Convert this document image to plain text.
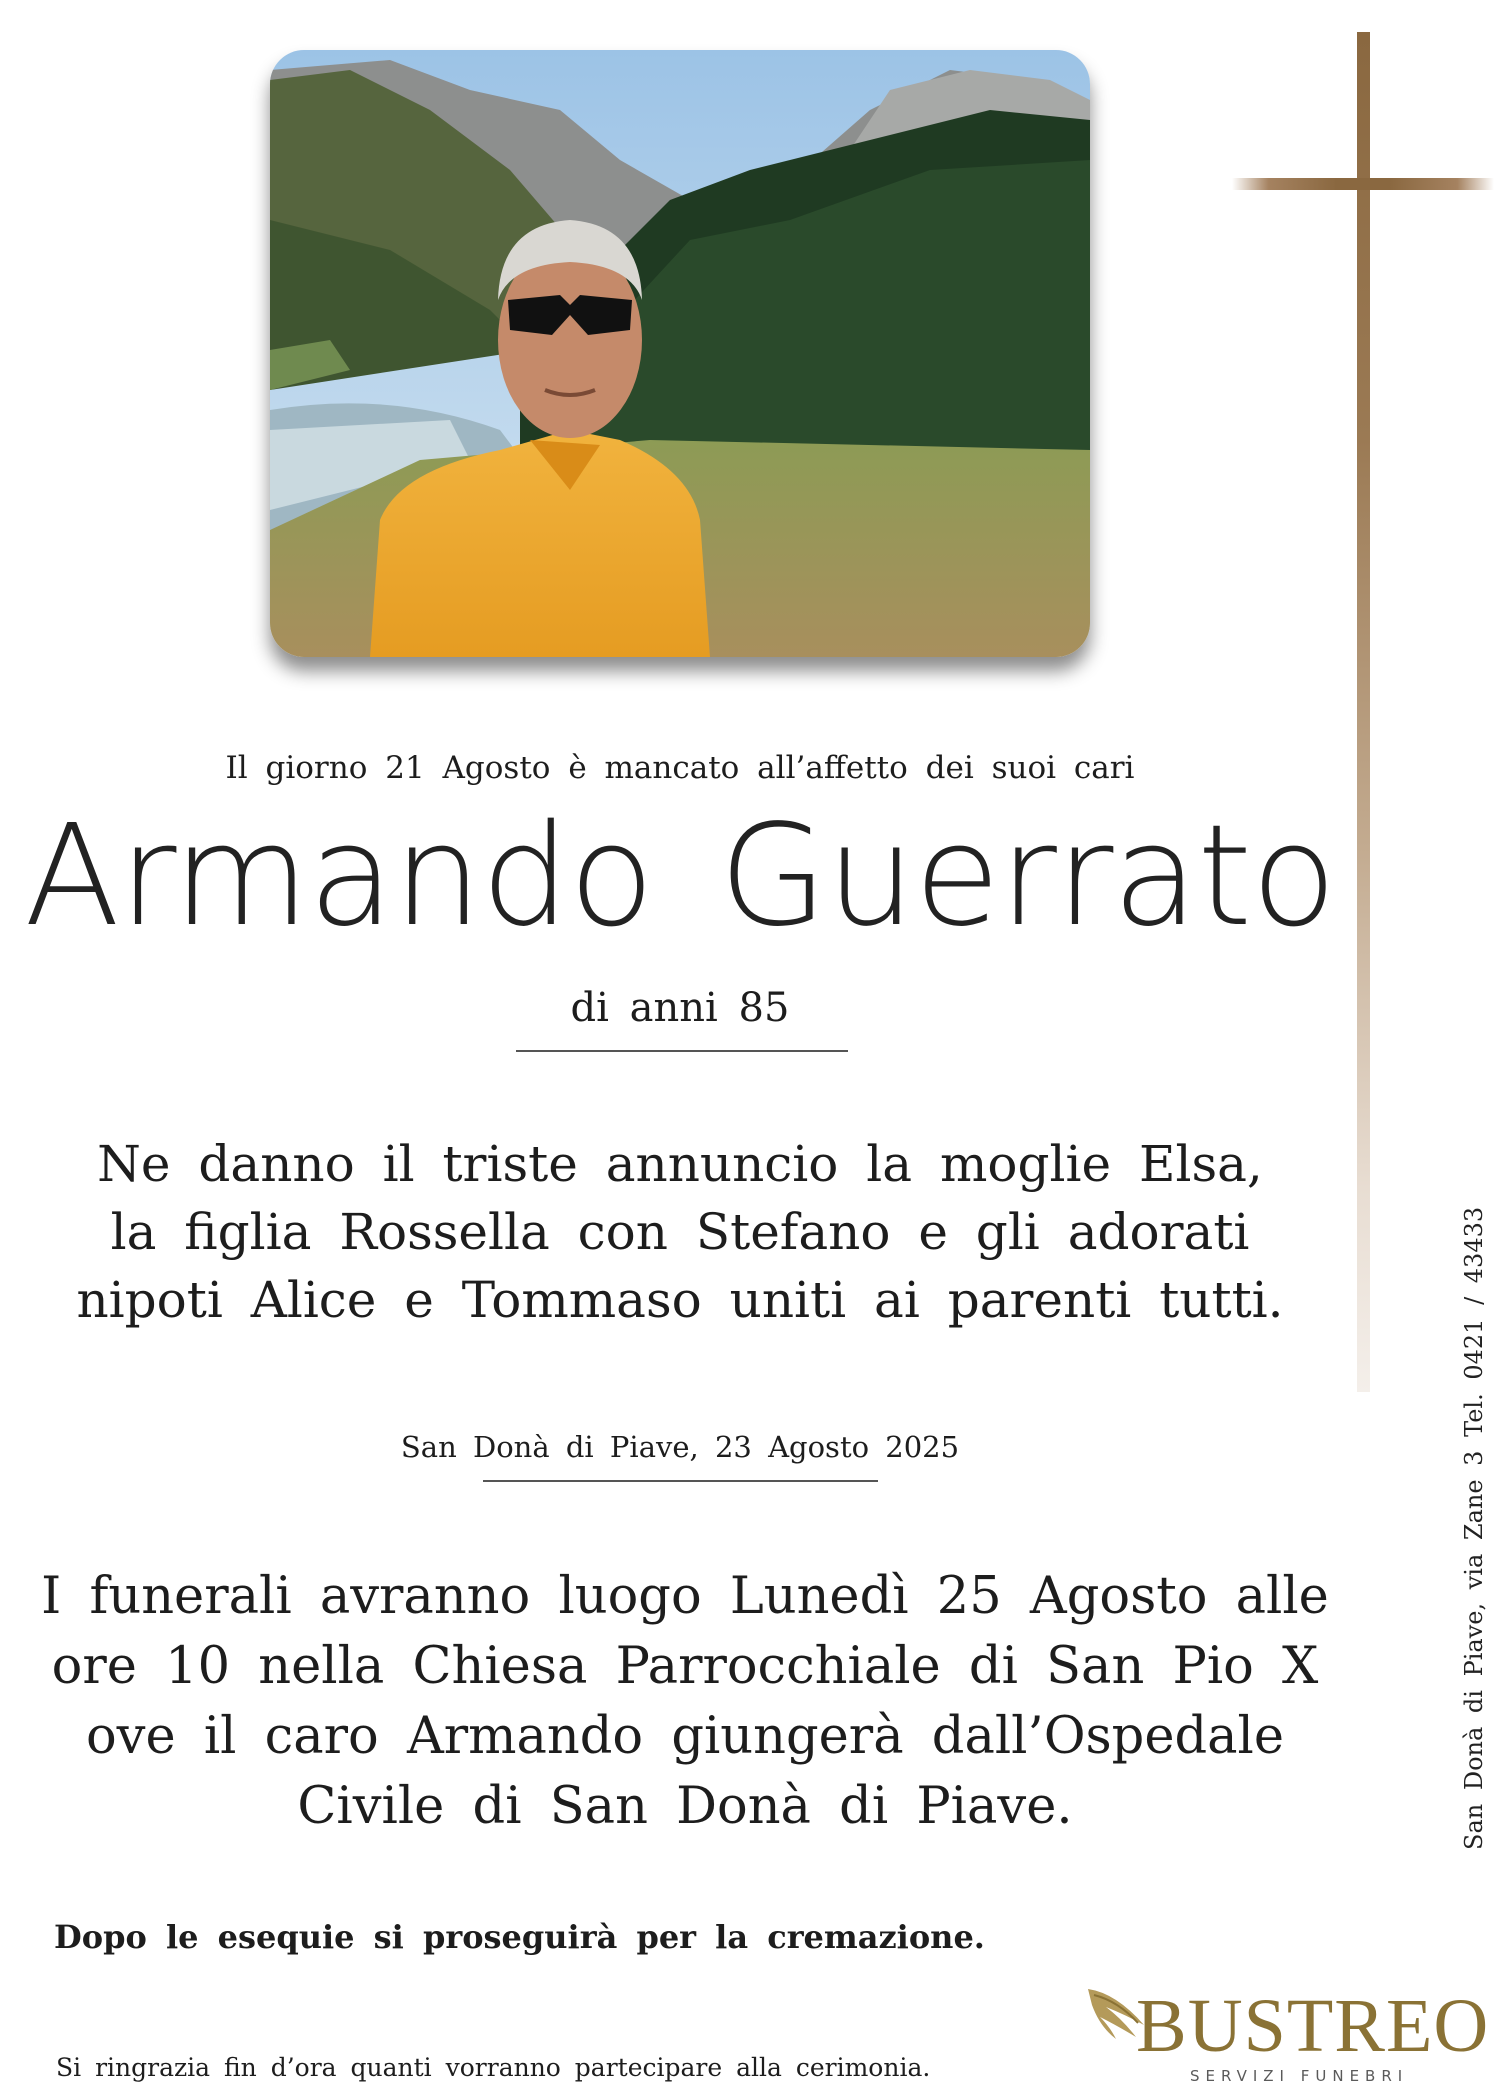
Il giorno 21 Agosto è mancato all’affetto dei suoi cari
Armando Guerrato
di anni 85
Ne danno il triste annuncio la moglie Elsa,
la figlia Rossella con Stefano e gli adorati
nipoti Alice e Tommaso uniti ai parenti tutti.
San Donà di Piave, 23 Agosto 2025
I funerali avranno luogo Lunedì 25 Agosto alle
ore 10 nella Chiesa Parrocchiale di San Pio X
ove il caro Armando giungerà dall’Ospedale
Civile di San Donà di Piave.
Dopo le esequie si proseguirà per la cremazione.
Si ringrazia fin d’ora quanti vorranno partecipare alla cerimonia.
San Donà di Piave, via Zane 3 Tel. 0421 / 43433
BUSTREO
SERVIZI FUNEBRI
